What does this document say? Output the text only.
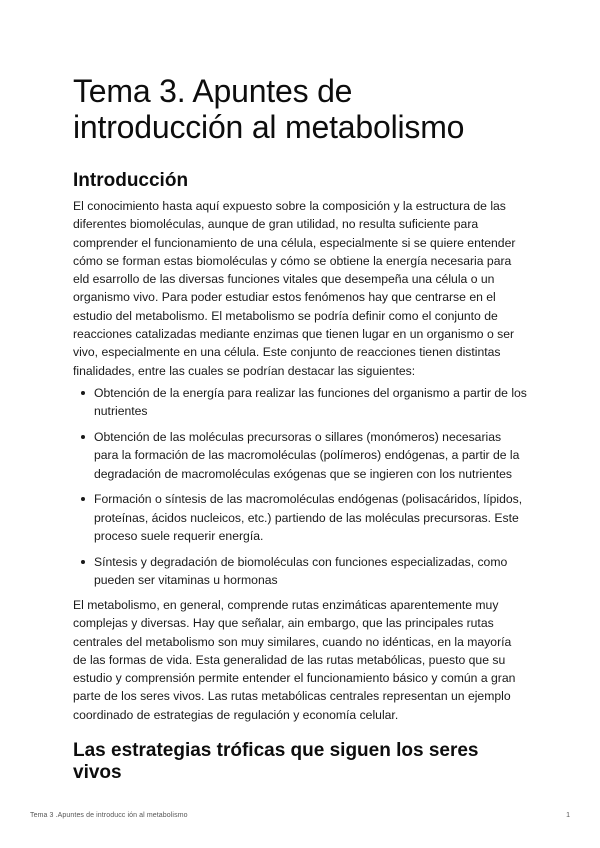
Tema 3. Apuntes de introducción al metabolismo
Introducción

El conocimiento hasta aquí expuesto sobre la composición y la estructura de las diferentes biomoléculas, aunque de gran utilidad, no resulta suficiente para comprender el funcionamiento de una célula, especialmente si se quiere entender cómo se forman estas biomoléculas y cómo se obtiene la energía necesaria para eld esarrollo de las diversas funciones vitales que desempeña una célula o un organismo vivo. Para poder estudiar estos fenómenos hay que centrarse en el estudio del metabolismo. El metabolismo se podría definir como el conjunto de reacciones catalizadas mediante enzimas que tienen lugar en un organismo o ser vivo, especialmente en una célula. Este conjunto de reacciones tienen distintas finalidades, entre las cuales se podrían destacar las siguientes:

Obtención de la energía para realizar las funciones del organismo a partir de los nutrientes
Obtención de las moléculas precursoras o sillares (monómeros) necesarias para la formación de las macromoléculas (polímeros) endógenas, a partir de la degradación de macromoléculas exógenas que se ingieren con los nutrientes
Formación o síntesis de las macromoléculas endógenas (polisacáridos, lípidos, proteínas, ácidos nucleicos, etc.) partiendo de las moléculas precursoras. Este proceso suele requerir energía.
Síntesis y degradación de biomoléculas con funciones especializadas, como pueden ser vitaminas u hormonas

El metabolismo, en general, comprende rutas enzimáticas aparentemente muy complejas y diversas. Hay que señalar, ain embargo, que las principales rutas centrales del metabolismo son muy similares, cuando no idénticas, en la mayoría de las formas de vida. Esta generalidad de las rutas metabólicas, puesto que su estudio y comprensión permite entender el funcionamiento básico y común a gran parte de los seres vivos. Las rutas metabólicas centrales representan un ejemplo coordinado de estrategias de regulación y economía celular.

Las estrategias tróficas que siguen los seres vivos
Tema 3 .Apuntes de introducc ión al metabolismo	1
